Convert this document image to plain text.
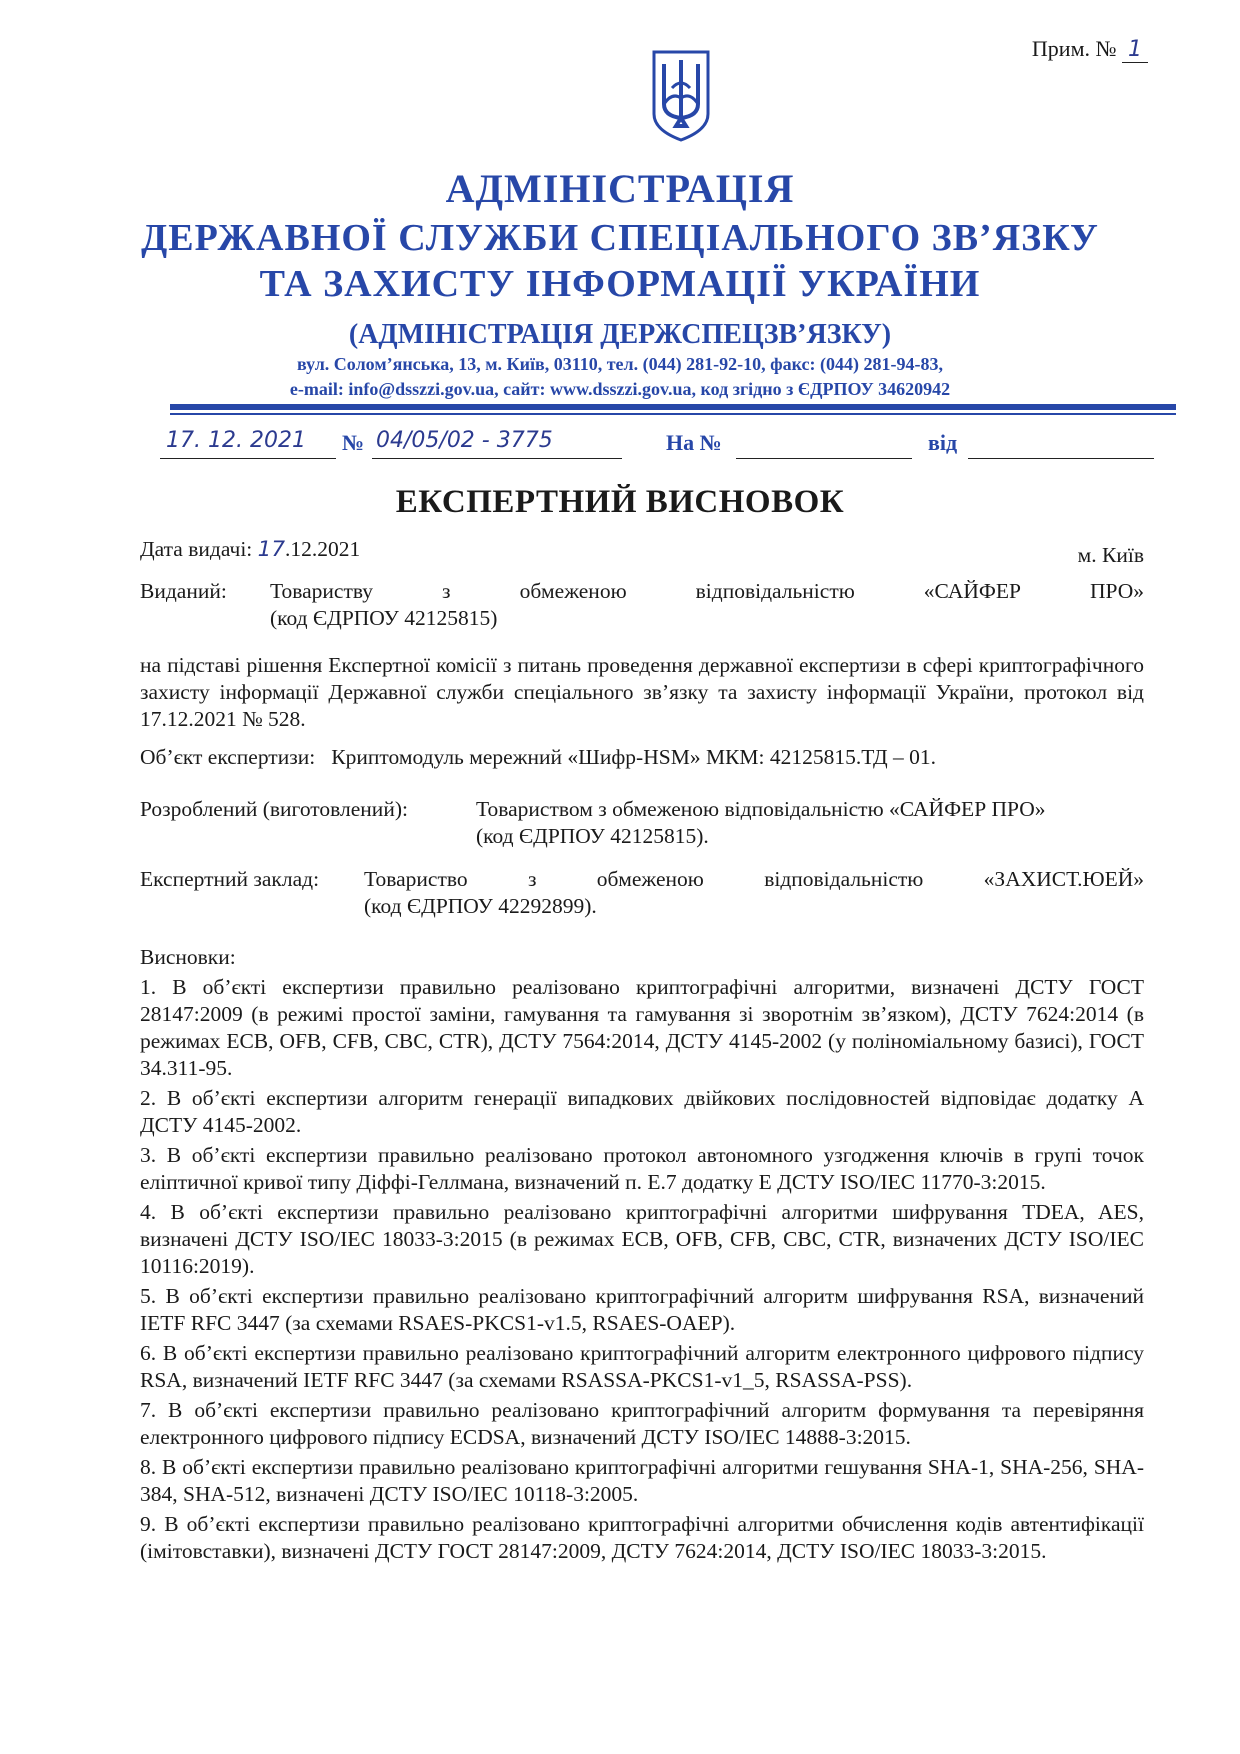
Прим. № 1
АДМІНІСТРАЦІЯ
ДЕРЖАВНОЇ СЛУЖБИ СПЕЦІАЛЬНОГО ЗВ’ЯЗКУ
ТА ЗАХИСТУ ІНФОРМАЦІЇ УКРАЇНИ
(АДМІНІСТРАЦІЯ ДЕРЖСПЕЦЗВ’ЯЗКУ)
вул. Солом’янська, 13, м. Київ, 03110, тел. (044) 281-92-10, факс: (044) 281-94-83,
e-mail: info@dsszzi.gov.ua, сайт: www.dsszzi.gov.ua, код згідно з ЄДРПОУ 34620942
17. 12. 2021 № 04/05/02 - 3775	На №	від
ЕКСПЕРТНИЙ ВИСНОВОК
Дата видачі: 17.12.2021	м. Київ
Виданий: Товариству з обмеженою відповідальністю «САЙФЕР ПРО»
(код ЄДРПОУ 42125815)
на підставі рішення Експертної комісії з питань проведення державної експертизи в сфері криптографічного захисту інформації Державної служби спеціального зв’язку та захисту інформації України, протокол від 17.12.2021 № 528.
Об’єкт експертизи: Криптомодуль мережний «Шифр-HSM» МКМ: 42125815.ТД – 01.
Розроблений (виготовлений):	Товариством з обмеженою відповідальністю «САЙФЕР ПРО»
(код ЄДРПОУ 42125815).
Експертний заклад: Товариство з обмеженою відповідальністю «ЗАХИСТ.ЮЕЙ»
(код ЄДРПОУ 42292899).

Висновки:

1. В об’єкті експертизи правильно реалізовано криптографічні алгоритми, визначені ДСТУ ГОСТ 28147:2009 (в режимі простої заміни, гамування та гамування зі зворотнім зв’язком), ДСТУ 7624:2014 (в режимах ECB, OFB, CFB, CBC, CTR), ДСТУ 7564:2014, ДСТУ 4145-2002 (у поліноміальному базисі), ГОСТ 34.311-95.

2. В об’єкті експертизи алгоритм генерації випадкових двійкових послідовностей відповідає додатку А ДСТУ 4145-2002.

3. В об’єкті експертизи правильно реалізовано протокол автономного узгодження ключів в групі точок еліптичної кривої типу Діффі-Геллмана, визначений п. Е.7 додатку Е ДСТУ ISO/IEC 11770-3:2015.

4. В об’єкті експертизи правильно реалізовано криптографічні алгоритми шифрування TDEA, AES, визначені ДСТУ ISO/IEC 18033-3:2015 (в режимах ECB, OFB, CFB, CBC, CTR, визначених ДСТУ ISO/IEC 10116:2019).

5. В об’єкті експертизи правильно реалізовано криптографічний алгоритм шифрування RSA, визначений IETF RFC 3447 (за схемами RSAES-PKCS1-v1.5, RSAES-OAEP).

6. В об’єкті експертизи правильно реалізовано криптографічний алгоритм електронного цифрового підпису RSA, визначений IETF RFC 3447 (за схемами RSASSA-PKCS1-v1_5, RSASSA-PSS).

7. В об’єкті експертизи правильно реалізовано криптографічний алгоритм формування та перевіряння електронного цифрового підпису ECDSA, визначений ДСТУ ISO/IEC 14888-3:2015.

8. В об’єкті експертизи правильно реалізовано криптографічні алгоритми гешування SHA-1, SHA-256, SHA-384, SHA-512, визначені ДСТУ ISO/IEC 10118-3:2005.

9. В об’єкті експертизи правильно реалізовано криптографічні алгоритми обчислення кодів автентифікації (імітовставки), визначені ДСТУ ГОСТ 28147:2009, ДСТУ 7624:2014, ДСТУ ISO/IEC 18033-3:2015.
